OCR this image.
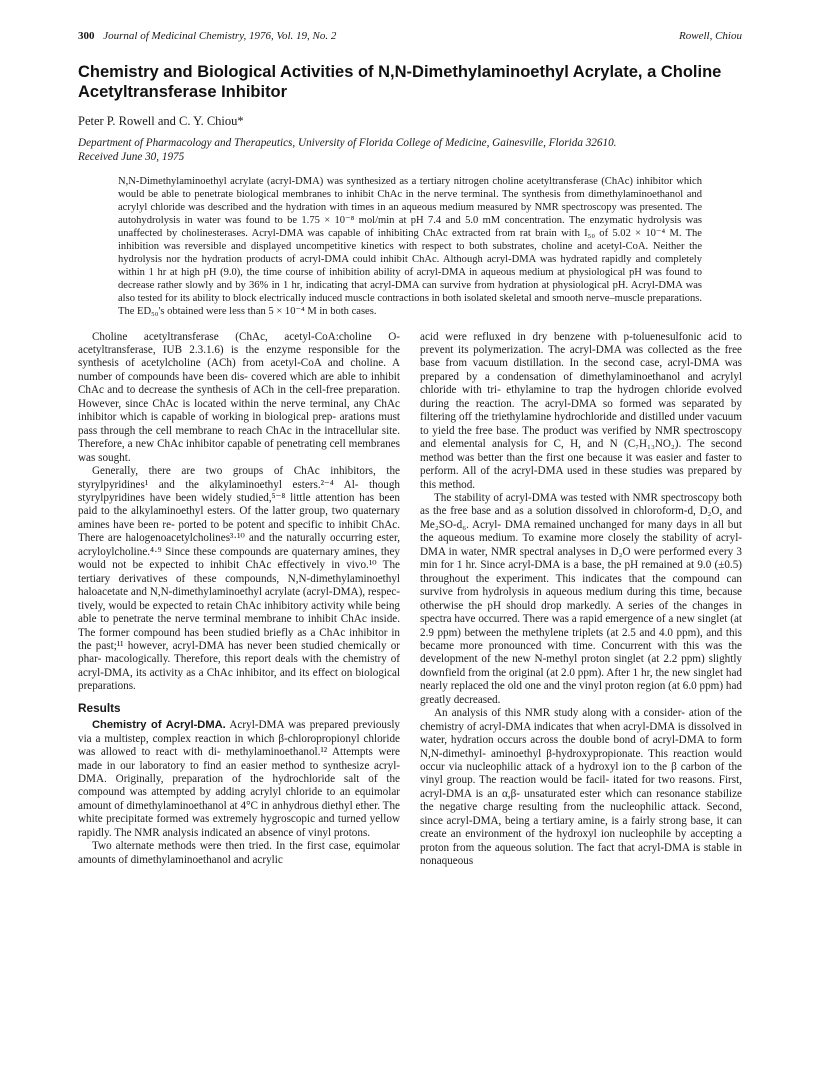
300 Journal of Medicinal Chemistry, 1976, Vol. 19, No. 2	Rowell, Chiou
Chemistry and Biological Activities of N,N-Dimethylaminoethyl Acrylate, a Choline Acetyltransferase Inhibitor
Peter P. Rowell and C. Y. Chiou*
Department of Pharmacology and Therapeutics, University of Florida College of Medicine, Gainesville, Florida 32610.
Received June 30, 1975

N,N-Dimethylaminoethyl acrylate (acryl-DMA) was synthesized as a tertiary nitrogen choline acetyltransferase (ChAc) inhibitor which would be able to penetrate biological membranes to inhibit ChAc in the nerve terminal. The synthesis from dimethylaminoethanol and acrylyl chloride was described and the hydration with times in an aqueous medium measured by NMR spectroscopy was presented. The autohydrolysis in water was found to be 1.75 × 10⁻⁸ mol/min at pH 7.4 and 5.0 mM concentration. The enzymatic hydrolysis was unaffected by cholinesterases. Acryl-DMA was capable of inhibiting ChAc extracted from rat brain with I₅₀ of 5.02 × 10⁻⁴ M. The inhibition was reversible and displayed uncompetitive kinetics with respect to both substrates, choline and acetyl-CoA. Neither the hydrolysis nor the hydration products of acryl-DMA could inhibit ChAc. Although acryl-DMA was hydrated rapidly and completely within 1 hr at high pH (9.0), the time course of inhibition ability of acryl-DMA in aqueous medium at physiological pH was found to decrease rather slowly and by 36% in 1 hr, indicating that acryl-DMA can survive from hydration at physiological pH. Acryl-DMA was also tested for its ability to block electrically induced muscle contractions in both isolated skeletal and smooth nerve–muscle preparations. The ED₅₀'s obtained were less than 5 × 10⁻⁴ M in both cases.

Choline acetyltransferase (ChAc, acetyl-CoA:choline O-acetyltransferase, IUB 2.3.1.6) is the enzyme responsible for the synthesis of acetylcholine (ACh) from acetyl-CoA and choline. A number of compounds have been dis- covered which are able to inhibit ChAc and to decrease the synthesis of ACh in the cell-free preparation. However, since ChAc is located within the nerve terminal, any ChAc inhibitor which is capable of working in biological prep- arations must pass through the cell membrane to reach ChAc in the intracellular site. Therefore, a new ChAc inhibitor capable of penetrating cell membranes was sought.

Generally, there are two groups of ChAc inhibitors, the styrylpyridines¹ and the alkylaminoethyl esters.²⁻⁴ Al- though styrylpyridines have been widely studied,⁵⁻⁸ little attention has been paid to the alkylaminoethyl esters. Of the latter group, two quaternary amines have been re- ported to be potent and specific to inhibit ChAc. There are halogenoacetylcholines³·¹⁰ and the naturally occurring ester, acryloylcholine.⁴·⁹ Since these compounds are quaternary amines, they would not be expected to inhibit ChAc effectively in vivo.¹⁰ The tertiary derivatives of these compounds, N,N-dimethylaminoethyl haloacetate and N,N-dimethylaminoethyl acrylate (acryl-DMA), respec- tively, would be expected to retain ChAc inhibitory activity while being able to penetrate the nerve terminal membrane to inhibit ChAc inside. The former compound has been studied briefly as a ChAc inhibitor in the past;¹¹ however, acryl-DMA has never been studied chemically or phar- macologically. Therefore, this report deals with the chemistry of acryl-DMA, its activity as a ChAc inhibitor, and its effect on biological preparations.

Results

Chemistry of Acryl-DMA. Acryl-DMA was prepared previously via a multistep, complex reaction in which β-chloropropionyl chloride was allowed to react with di- methylaminoethanol.¹² Attempts were made in our laboratory to find an easier method to synthesize acryl-DMA. Originally, preparation of the hydrochloride salt of the compound was attempted by adding acrylyl chloride to an equimolar amount of dimethylaminoethanol at 4°C in anhydrous diethyl ether. The white precipitate formed was extremely hygroscopic and turned yellow rapidly. The NMR analysis indicated an absence of vinyl protons.

Two alternate methods were then tried. In the first case, equimolar amounts of dimethylaminoethanol and acrylic

acid were refluxed in dry benzene with p-toluenesulfonic acid to prevent its polymerization. The acryl-DMA was collected as the free base from vacuum distillation. In the second case, acryl-DMA was prepared by a condensation of dimethylaminoethanol and acrylyl chloride with tri- ethylamine to trap the hydrogen chloride evolved during the reaction. The acryl-DMA so formed was separated by filtering off the triethylamine hydrochloride and distilled under vacuum to yield the free base. The product was verified by NMR spectroscopy and elemental analysis for C, H, and N (C₇H₁₃NO₂). The second method was better than the first one because it was easier and faster to perform. All of the acryl-DMA used in these studies was prepared by this method.

The stability of acryl-DMA was tested with NMR spectroscopy both as the free base and as a solution dissolved in chloroform-d, D₂O, and Me₂SO-d₆. Acryl- DMA remained unchanged for many days in all but the aqueous medium. To examine more closely the stability of acryl-DMA in water, NMR spectral analyses in D₂O were performed every 3 min for 1 hr. Since acryl-DMA is a base, the pH remained at 9.0 (±0.5) throughout the experiment. This indicates that the compound can survive from hydrolysis in aqueous medium during this time, because otherwise the pH should drop markedly. A series of the changes in spectra have occurred. There was a rapid emergence of a new singlet (at 2.9 ppm) between the methylene triplets (at 2.5 and 4.0 ppm), and this became more pronounced with time. Concurrent with this was the development of the new N-methyl proton singlet (at 2.2 ppm) slightly downfield from the original (at 2.0 ppm). After 1 hr, the new singlet had nearly replaced the old one and the vinyl proton region (at 6.0 ppm) had greatly decreased.

An analysis of this NMR study along with a consider- ation of the chemistry of acryl-DMA indicates that when acryl-DMA is dissolved in water, hydration occurs across the double bond of acryl-DMA to form N,N-dimethyl- aminoethyl β-hydroxypropionate. This reaction would occur via nucleophilic attack of a hydroxyl ion to the β carbon of the vinyl group. The reaction would be facil- itated for two reasons. First, acryl-DMA is an α,β- unsaturated ester which can resonance stabilize the negative charge resulting from the nucleophilic attack. Second, since acryl-DMA, being a tertiary amine, is a fairly strong base, it can create an environment of the hydroxyl ion nucleophile by accepting a proton from the aqueous solution. The fact that acryl-DMA is stable in nonaqueous
